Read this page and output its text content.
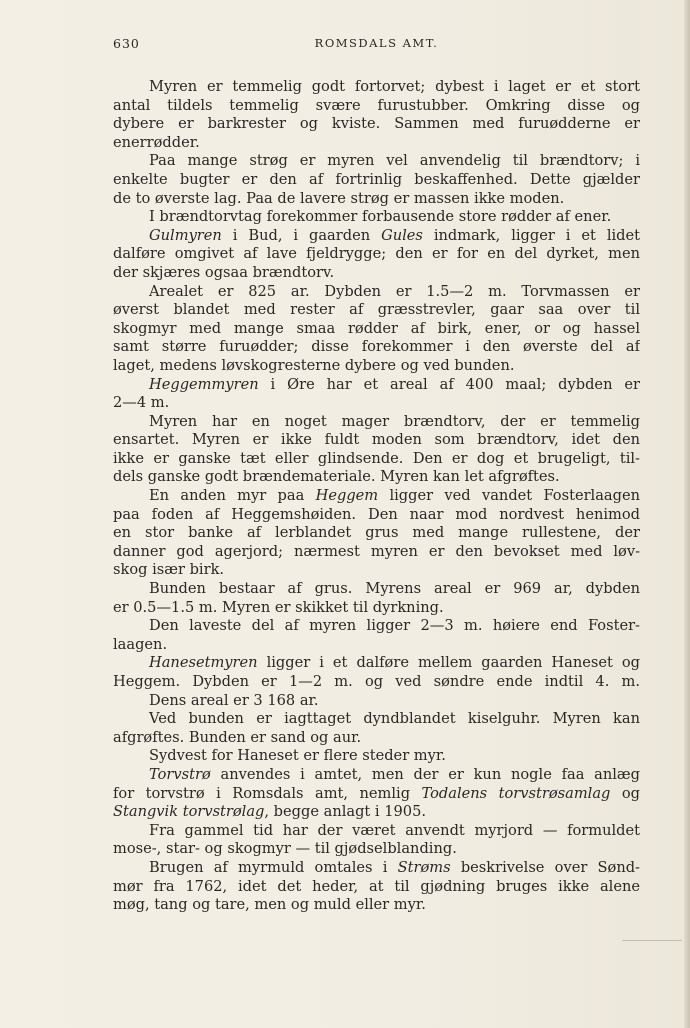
630	ROMSDALS AMT.
Myren er temmelig godt fortorvet; dybest i laget er et stort
antal tildels temmelig svære furustubber. Omkring disse og
dybere er barkrester og kviste. Sammen med furuødderne er
enerrødder.
Paa mange strøg er myren vel anvendelig til brændtorv; i
enkelte bugter er den af fortrinlig beskaffenhed. Dette gjælder
de to øverste lag. Paa de lavere strøg er massen ikke moden.
I brændtorvtag forekommer forbausende store rødder af ener.
Gulmyren i Bud, i gaarden Gules indmark, ligger i et lidet
dalføre omgivet af lave fjeldrygge; den er for en del dyrket, men
der skjæres ogsaa brændtorv.
Arealet er 825 ar. Dybden er 1.5—2 m. Torvmassen er
øverst blandet med rester af græsstrevler, gaar saa over til
skogmyr med mange smaa rødder af birk, ener, or og hassel
samt større furuødder; disse forekommer i den øverste del af
laget, medens løvskogresterne dybere og ved bunden.
Heggemmyren i Øre har et areal af 400 maal; dybden er
2—4 m.
Myren har en noget mager brændtorv, der er temmelig
ensartet. Myren er ikke fuldt moden som brændtorv, idet den
ikke er ganske tæt eller glindsende. Den er dog et brugeligt, til-
dels ganske godt brændemateriale. Myren kan let afgrøftes.
En anden myr paa Heggem ligger ved vandet Fosterlaagen
paa foden af Heggemshøiden. Den naar mod nordvest henimod
en stor banke af lerblandet grus med mange rullestene, der
danner god agerjord; nærmest myren er den bevokset med løv-
skog især birk.
Bunden bestaar af grus. Myrens areal er 969 ar, dybden
er 0.5—1.5 m. Myren er skikket til dyrkning.
Den laveste del af myren ligger 2—3 m. høiere end Foster-
laagen.
Hanesetmyren ligger i et dalføre mellem gaarden Haneset og
Heggem. Dybden er 1—2 m. og ved søndre ende indtil 4. m.
Dens areal er 3 168 ar.
Ved bunden er iagttaget dyndblandet kiselguhr. Myren kan
afgrøftes. Bunden er sand og aur.
Sydvest for Haneset er flere steder myr.
Torvstrø anvendes i amtet, men der er kun nogle faa anlæg
for torvstrø i Romsdals amt, nemlig Todalens torvstrøsamlag og
Stangvik torvstrølag, begge anlagt i 1905.
Fra gammel tid har der været anvendt myrjord — formuldet
mose-, star- og skogmyr — til gjødselblanding.
Brugen af myrmuld omtales i Strøms beskrivelse over Sønd-
mør fra 1762, idet det heder, at til gjødning bruges ikke alene
møg, tang og tare, men og muld eller myr.
